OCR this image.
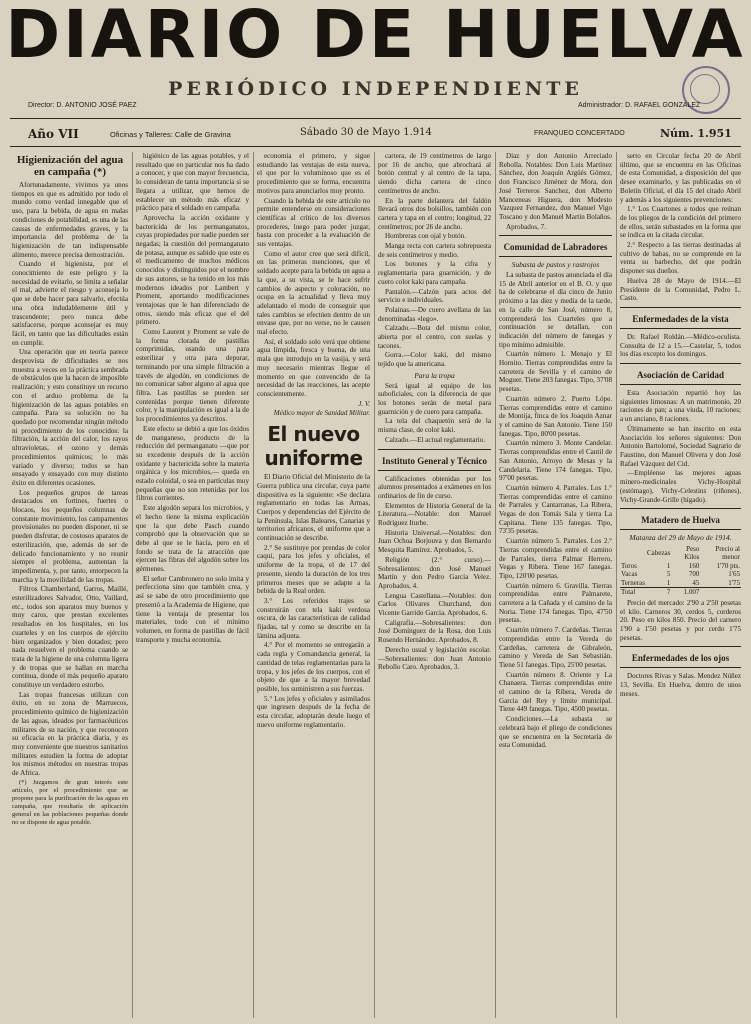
DIARIO DE HUELVA
PERIÓDICO INDEPENDIENTE
Director: D. ANTONIO JOSÉ PAEZ	Administrador: D. RAFAEL GONZALEZ
Año VII	Oficinas y Talleres: Calle de Gravina	Sábado 30 de Mayo 1.914	FRANQUEO CONCERTADO	Núm. 1.951
Higienización del agua en campaña (*)

Afortunadamente, vivimos ya unos tiempos en que es admitido por todo el mundo como verdad innegable que el uso, para la bebida, de agua en malas condiciones de potabilidad, es una de las causas de enfermedades graves, y la importancia del problema de la higienización de tan indispensable alimento, merece precisa demostración.

Cuando el higienista, por el conocimiento de este peligro y la necesidad de evitarlo, se limita a señalar el mal, advierte el riesgo y aconseja lo que se debe hacer para salvarlo, efectúa una obra indudablemente útil y trascendente; pero nunca debe satisfacerse, porque aconsejar es muy fácil, en tanto que las dificultades están en cumplir.

Una operación que en teoría parece desprovista de dificultades se nos muestra a veces en la práctica sembrada de obstáculos que la hacen de imposible realización; y esto constituye un recurso con el arduo problema de la higienización de las aguas potables en campaña. Para su solución no ha quedado por recomendar ningún método ni procedimiento de los conocidos: la filtración, la acción del calor, los rayos ultravioletas, el ozono y demás procedimientos químicos; lo más variado y diverso; todos se han ensayado y ensayado con muy distinto éxito en diferentes ocasiones.

Los pequeños grupos de tareas destacados en fortines, fuertes o blocaos, los pequeños columnas de constante movimiento, los campamentos provisionales no pueden disponer, ni se pueden disfrutar, de costosos aparatos de esterilización, que, además de ser de delicado funcionamiento y no reunir siempre el problema, aumentan la impedimenta, y, por tanto, entorpecen la marcha y la movilidad de las tropas.

Filtros Chamberland, Garros, Maillé, esterilizadores Salvador, Otto, Vaillard, etc., todos son aparatos muy buenos y muy caros, que prestan excelentes resultados en los hospitales, en los cuarteles y en los cuerpos de ejército bien organizados y bien dotados; pero nada resuelven el problema cuando se trata de la higiene de una columna ligera y de tropas que se hallan en marcha continua, donde el más pequeño aparato constituye un verdadero estorbo.

Las tropas francesas utilizan con éxito, en su zona de Marruecos, procedimiento químico de higienización de las aguas, ideados por farmacéuticos militares de su nación, y que reconocen su eficacia en la práctica diaria, y es muy conveniente que nuestros sanitarios militares estudien la forma de adoptar los mismos métodos en nuestras tropas de Africa.

(*) Juzgamos de gran interés este artículo, por el procedimiento que se propone para la purificación de las aguas en campaña, que resultaría de aplicación general en las poblaciones pequeñas donde no se dispone de agua potable.

higiénico de las aguas potables, y el resultado que en particular nos ha dado a conocer, y que con mayor frecuencia, lo consideran de tanta importancia si se llegara a utilizar, que hemos de establecer un método más eficaz y práctico para el soldado en campaña.

Aprovecha la acción oxidante y bactericida de los permanganatos, cuyas propiedades por nadie pueden ser negadas; la cuestión del permanganato de potasa, aunque es sabido que este es el medicamento de muchos médicos conocidos y distinguidos por el nombre de sus autores, se ha tenido en los más modernos ideados por Lambert y Proment, aportando modificaciones ventajosas que le han diferenciado de otros, siendo más eficaz que el del primero.

Como Laurent y Proment se vale de la forma clorada de pastillas comprimidas, usando una para esterilizar y otra para depurar, terminando por una simple filtración a través de algodón, en condiciones de no comunicar sabor alguno al agua que filtra. Las pastillas se pueden ser contenidas porque tienen diferente color, y la manipulación es igual a la de los procedimientos ya descritos.

Este efecto se debió a que los óxidos de manganeso, producto de la reducción del permanganato —que por su excedente después de la acción oxidante y bactericida sobre la materia orgánica y los microbios,— queda en estado coloidal, o sea en partículas muy pequeñas que no son retenidas por los filtros corrientes.

Este algodón separa los microbios, y el hecho tiene la misma explicación que la que debe Pasch cuando comprobó que la observación que se debe al que se le hacía, pero en el fondo se trata de la atracción que ejercen las fibras del algodón sobre los gérmenes.

El señor Cambronero no solo imita y perfecciona sino que también crea, y así se sabe de otro procedimiento que presentó a la Academia de Higiene, que tiene la ventaja de presentar los materiales, todo con el mínimo volumen, en forma de pastillas de fácil transporte y mucha economía.

economía el primero, y sigue estudiando las ventajas de esta nueva, el que por lo voluminoso que es el procedimiento que se forma, encuentra motivos para anunciarlos muy pronto.

Cuando la bebida de este artículo no permite entenderse en consideraciones científicas al crítico de los diversos procederes, luego para poder juzgar, basta con proceder a la evaluación de sus ventajas.

Como el autor cree que será difícil, en las primeras menciones, que el soldado acepte para la bebida un agua a la que, a su vista, se le hace sufrir cambios de aspecto y coloración, no ocupa en la actualidad y lleva muy adelantado el modo de conseguir que tales cambios se efectúen dentro de un envase que, por no verse, no le causen mal efecto.

Así, el soldado solo verá que obtiene agua límpida, fresca y buena, de una mala que introdujo en la vasija, y será muy necesario mientras llegue el momento en que convencido de la necesidad de las reacciones, las acepte conscientemente.

J. V.
Médico mayor de Sanidad Militar.
El nuevo uniforme

El Diario Oficial del Ministerio de la Guerra publica una circular, cuya parte dispositiva es la siguiente: «Se declara reglamentario en todas las Armas, Cuerpos y dependencias del Ejército de la Península, Islas Baleares, Canarias y territorios africanos, el uniforme que a continuación se describe.

2.° Se sustituye por prendas de color caqui, para los jefes y oficiales, el uniforme de la tropa, el de 17 del presente, siendo la duración de los tres primeros meses que se adapte a la bebida de la Real orden.

3.° Los referidos trajes se construirán con tela kaki verdosa oscura, de las características de calidad fijadas, tal y como se describe en la lámina adjunta.

4.° Por el momento se entregarán a cada regla y Comandancia general, la cantidad de telas reglamentarias para la tropa, y los jefes de los cuerpos, con el objeto de que a la mayor brevedad posible, los suministren a sus fuerzas.

5.° Los jefes y oficiales y asimilados que ingresen después de la fecha de esta circular, adoptarán desde luego el nuevo uniforme reglamentario.

cartera, de 19 centímetros de largo por 16 de ancho, que abrochará al botón central y al centro de la tapa, siendo dicha cartera de cinco centímetros de ancho.

En la parte delantera del faldón llevará otros dos bolsillos, también con cartera y tapa en el centro; longitud, 22 centímetros; por 26 de ancho.

Hombreras con ojal y botón.

Manga recta con cartera sobrepuesta de seis centímetros y medio.

Los botones y la cifra y reglamentaria para guarnición, y de cuero color kaki para campaña.

Pantalón.—Calzón para actos del servicio e individuales.

Polainas.—De cuero avellana de las denominadas «lego».

Calzado.—Bota del mismo color, abierta por el centro, con suelas y tacones.

Gorra.—Color kaki, del mismo tejido que la americana.

Para la tropa

Será igual al equipo de los suboficiales, con la diferencia de que los botones serán de metal para guarnición y de cuero para campaña.

La tela del chaquetón será de la misma clase, de color kaki.

Calzado.—El actual reglamentario.

Instituto General y Técnico

Calificaciones obtenidas por los alumnos presentados a exámenes en los ordinarios de fin de curso.

Elementos de Historia General de la Literatura.—Notable: don Manuel Rodríguez Iturbe.

Historia Universal.—Notables: don Juan Ochoa Borjouva y don Bernardo Mesquita Ramírez. Aprobados, 5.

Religión (2.° curso).—Sobresalientes: don José Manuel Martín y don Pedro García Velez. Aprobados, 4.

Lengua Castellana.—Notables: don Carlos Olivares Churchand, don Vicente Garrido Garcia. Aprobados, 6.

Caligrafía.—Sobresalientes: don José Domínguez de la Rosa, don Luis Rosendo Hernández. Aprobados, 8.

Derecho usual y legislación escolar.—Sobresalientes: don Juan Antonio Rebollo Caro. Aprobados, 3.

Díaz y don Antonio Arreciado Rebolla. Notables: Don Luis Martínez Sánchez, don Joaquín Argüés Gómez, don Francisco Jiménez de Mora, don José Terreros Sanchez, don Alberto Manceneas Higuera, don Modesto Vazquez Fernandez, don Manuel Vigo Toscano y don Manuel Martín Bolaños.

Aprobados, 7.

Comunidad de Labradores
Subasta de pastos y rastrojos

La subasta de pastos anunciada el día 15 de Abril anterior en el B. O. y que ha de celebrarse el día cinco de Junio próximo a las diez y media de la tarde, en la calle de San José, número 8, comprenderá los Cuarteles que a continuación se detallan, con indicación del número de fanegas y tipo mínimo admisible.

Cuartón número 1. Menajo y El Hornito. Tierras comprendidas entre la carretera de Sevilla y el camino de Moguer. Tiene 203 fanegas. Tipo, 37'08 pesetas.

Cuartón número 2. Puerto Lópe. Tierras comprendidas entre el camino de Montija, finca de los Joaquín Aznar y el camino de San Antonio. Tiene 150 fanegas. Tipo, 80'00 pesetas.

Cuartón número 3. Monte Candelar. Tierras comprendidas entre el Cantil de San Antonio, Arroyo de Mesas y la Candelaria. Tiene 174 fanegas. Tipo, 97'00 pesetas.

Cuartón número 4. Parrales. Los 1.° Tierras comprendidas entre el camino de Parrales y Cantarranas, La Ribera, Vegas de don Tomás Sala y tierra La Capitana. Tiene 135 fanegas. Tipo, 73'35 pesetas.

Cuartón número 5. Parrales. Los 2.° Tierras comprendidas entre el camino de Parrales, tierra Palmar Herrero, Vegas y Ribera. Tiene 167 fanegas. Tipo, 120'00 pesetas.

Cuartón número 6. Gravilla. Tierras comprendidas entre Palmarete, carretera a la Cañada y el camino de la Noria. Tiene 174 fanegas. Tipo, 47'50 pesetas.

Cuartón número 7. Cardeñas. Tierras comprendidas entre la Vereda de Cardeñas, carretera de Gibraleón, camino y Vereda de San Sebastián. Tiene 51 fanegas. Tipo, 25'00 pesetas.

Cuartón número 8. Oriente y La Chanaera. Tierras comprendidas entre el camino de la Ribera, Vereda de Garcia del Rey y límite municipal. Tiene 449 fanegas. Tipo, 4500 pesetas.

Condiciones.—La subasta se celebrará bajo el pliego de condiciones que se encuentra en la Secretaría de esta Comunidad.

serto en Circular fecha 20 de Abril último, que se encuentra en las Oficinas de esta Comunidad, a disposición del que desee examinarlo, y las publicadas en el Boletín Oficial, el día 15 del citado Abril y además a los siguientes prevenciones:

1.° Los Cuartones a todos que reúnan de los pliegos de la condición del primero de ellos, serán subastados en la forma que se indica en la citada circular.

2.° Respecto a las tierras destinadas al cultivo de habas, no se comprende en la venta su barbecho, del que podrán disponer sus dueños.

Huelva 28 de Mayo de 1914.—El Presidente de la Comunidad, Pedro L. Casto.

Enfermedades de la vista

Dr. Rafael Roldán.—Médico-oculista. Consulta de 12 a 15.—Castelar, 5, todos los días excepto los domingos.

Asociación de Caridad

Esta Asociación repartió hoy las siguientes limosnas: A un matrimonio, 20 raciones de pan; a una viuda, 10 raciones; a un anciano, 8 raciones.

Últimamente se han inscrito en esta Asociación los señores siguientes: Don Antonio Bartolomé, Sociedad Sagrario de Faustino, don Manuel Olivera y don José Rafael Vázquez del Cid.

—Empléense las mejores aguas minero-medicinales Vichy-Hospital (estómago), Vichy-Celestins (riñones), Vichy-Grande-Grille (hígado).

Matadero de Huelva
Matanza del 29 de Mayo de 1914.
	Cabezas	Peso Kilos	Precio al menor
Toros	1	160	1'70 pts.
Vacas	5	700	1'65
Terneras	1	45	1'75
Total	7	1.007	

Precio del mercado: 2'90 a 2'50 pesetas el kilo. Carneros 30, cerdos 5, corderos 20. Peso en kilos 850. Precio del carnero 1'90 a 1'50 pesetas y por cerdo 1'75 pesetas.

Enfermedades de los ojos

Doctores Rivas y Salas. Mendez Núñez 13, Sevilla. En Huelva, dentro de unos meses.
